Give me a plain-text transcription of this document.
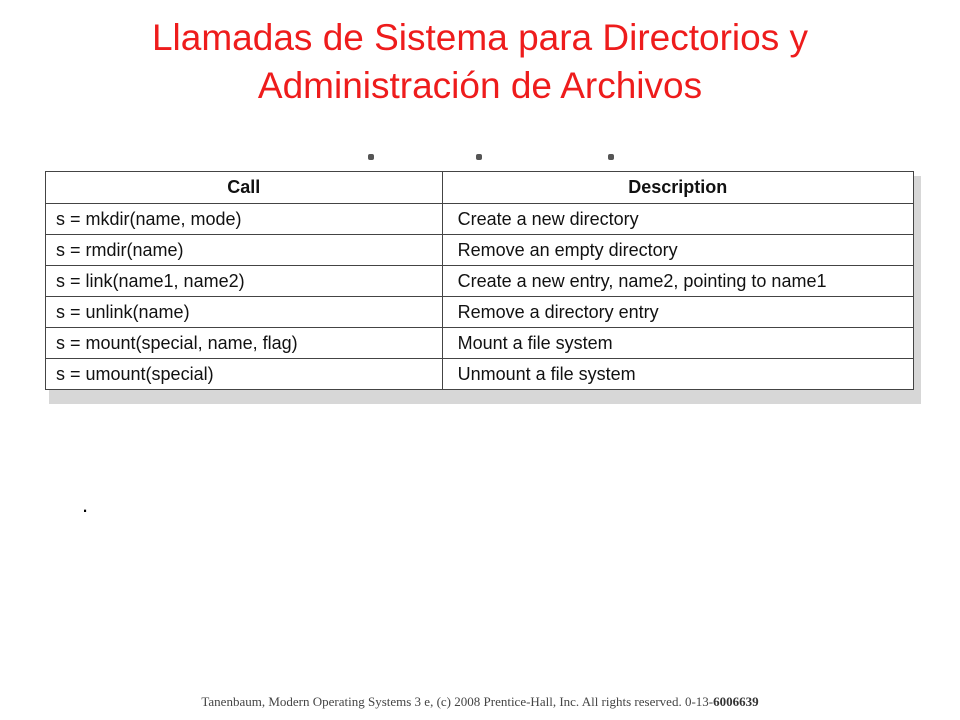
Llamadas de Sistema para Directorios y
Administración de Archivos
Call	Description
s = mkdir(name, mode)	Create a new directory
s = rmdir(name)	Remove an empty directory
s = link(name1, name2)	Create a new entry, name2, pointing to name1
s = unlink(name)	Remove a directory entry
s = mount(special, name, flag)	Mount a file system
s = umount(special)	Unmount a file system
.
Tanenbaum, Modern Operating Systems 3 e, (c) 2008 Prentice-Hall, Inc. All rights reserved. 0-13-6006639
